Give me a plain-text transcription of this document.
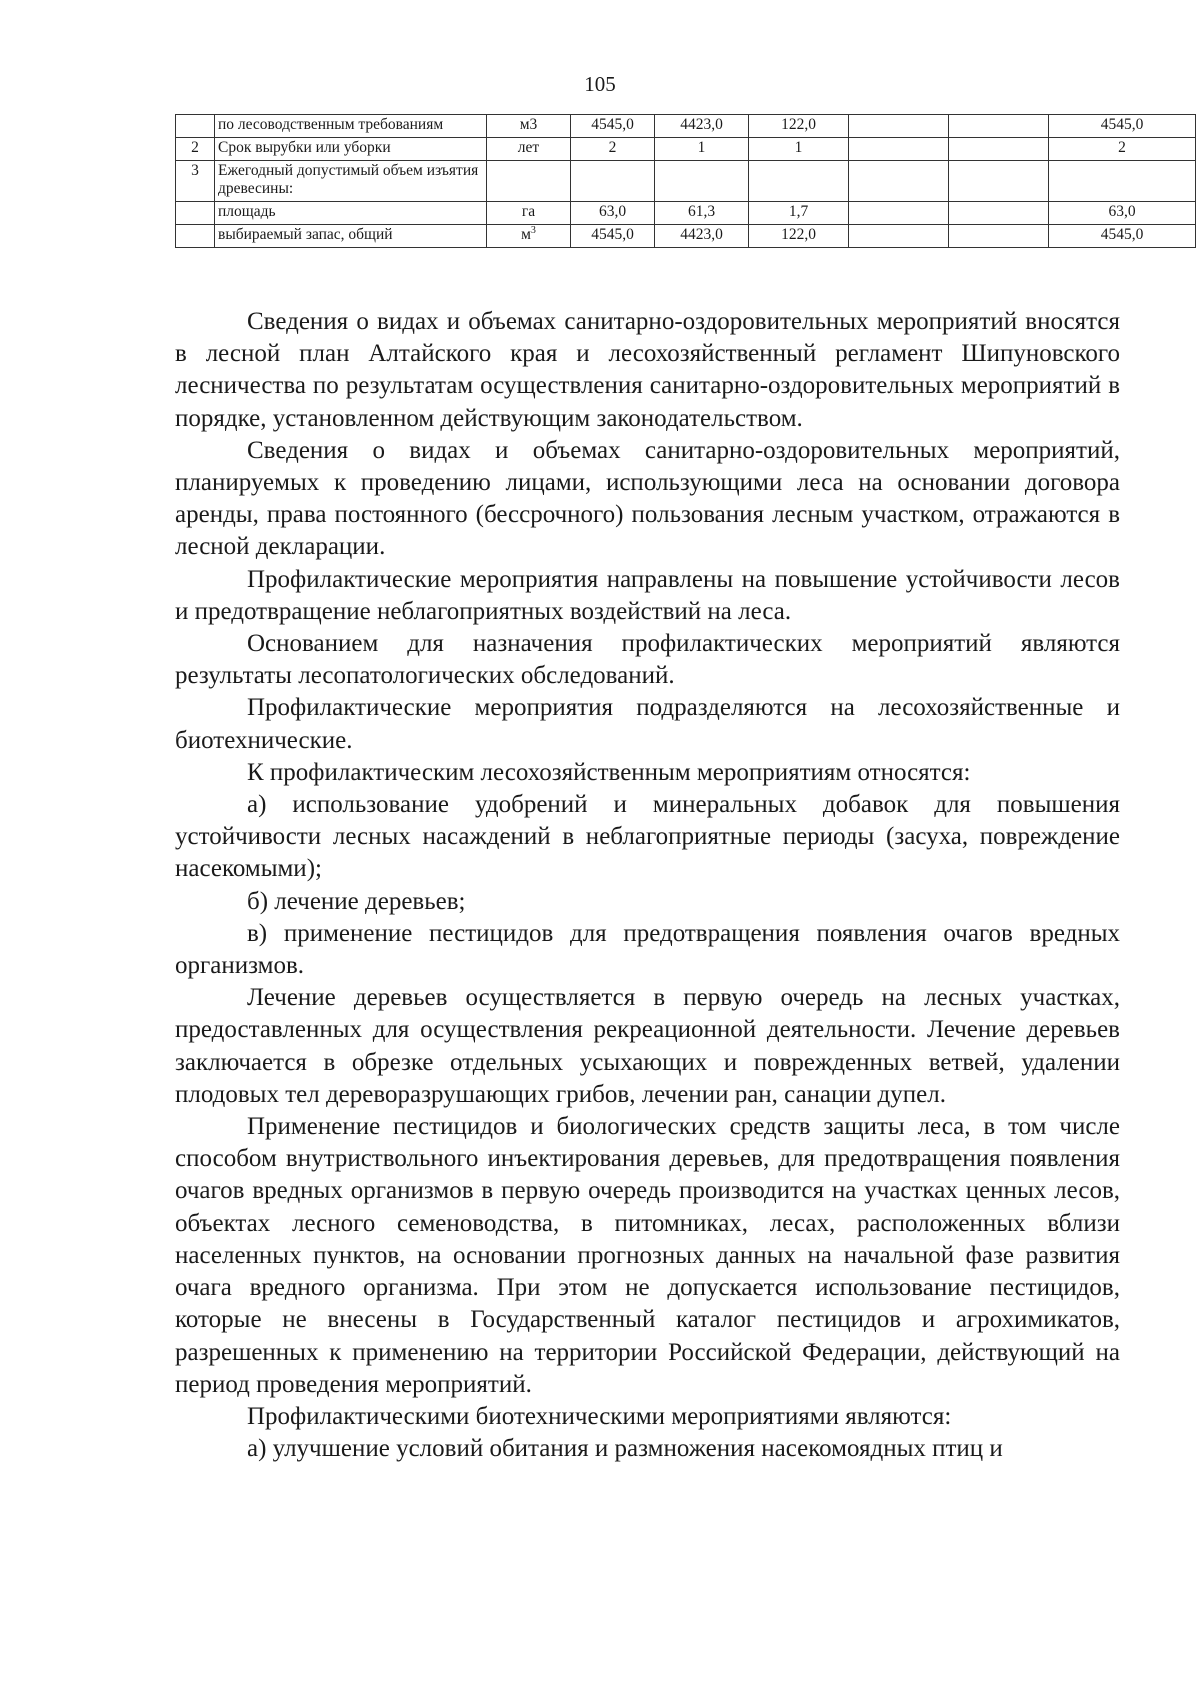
105
	по лесоводственным требованиям	м3	4545,0	4423,0	122,0			4545,0
2	Срок вырубки или уборки	лет	2	1	1			2
3	Ежегодный допустимый объем изъятия древесины:							
	площадь	га	63,0	61,3	1,7			63,0
	выбираемый запас, общий	$м^3$	4545,0	4423,0	122,0			4545,0

Сведения о видах и объемах санитарно-оздоровительных мероприятий вносятся в лесной план Алтайского края и лесохозяйственный регламент Шипуновского лесничества по результатам осуществления санитарно-оздоровительных мероприятий в порядке, установленном действующим законодательством.

Сведения о видах и объемах санитарно-оздоровительных мероприятий, планируемых к проведению лицами, использующими леса на основании договора аренды, права постоянного (бессрочного) пользования лесным участком, отражаются в лесной декларации.

Профилактические мероприятия направлены на повышение устойчивости лесов и предотвращение неблагоприятных воздействий на леса.

Основанием для назначения профилактических мероприятий являются результаты лесопатологических обследований.

Профилактические мероприятия подразделяются на лесохозяйственные и биотехнические.

К профилактическим лесохозяйственным мероприятиям относятся:

а) использование удобрений и минеральных добавок для повышения устойчивости лесных насаждений в неблагоприятные периоды (засуха, повреждение насекомыми);

б) лечение деревьев;

в) применение пестицидов для предотвращения появления очагов вредных организмов.

Лечение деревьев осуществляется в первую очередь на лесных участках, предоставленных для осуществления рекреационной деятельности. Лечение деревьев заключается в обрезке отдельных усыхающих и поврежденных ветвей, удалении плодовых тел дереворазрушающих грибов, лечении ран, санации дупел.

Применение пестицидов и биологических средств защиты леса, в том числе способом внутриствольного инъектирования деревьев, для предотвращения появления очагов вредных организмов в первую очередь производится на участках ценных лесов, объектах лесного семеноводства, в питомниках, лесах, расположенных вблизи населенных пунктов, на основании прогнозных данных на начальной фазе развития очага вредного организма. При этом не допускается использование пестицидов, которые не внесены в Государственный каталог пестицидов и агрохимикатов, разрешенных к применению на территории Российской Федерации, действующий на период проведения мероприятий.

Профилактическими биотехническими мероприятиями являются:

а) улучшение условий обитания и размножения насекомоядных птиц и
